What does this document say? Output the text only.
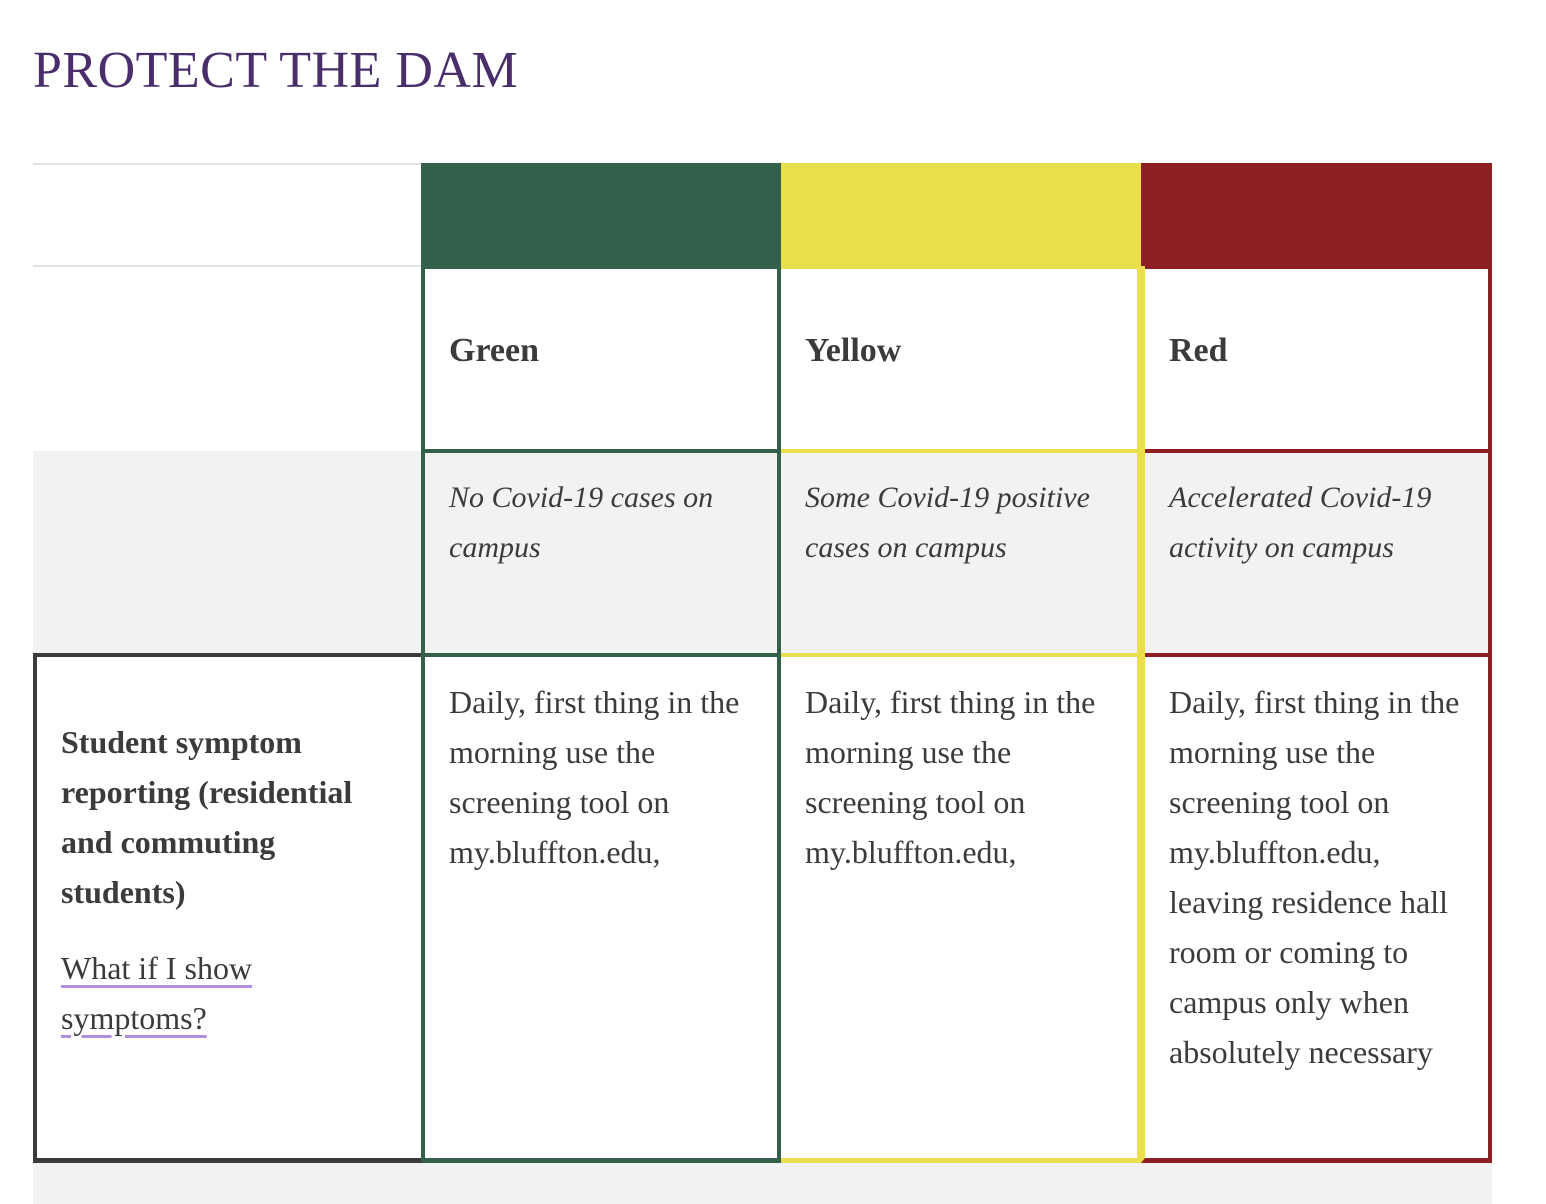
PROTECT THE DAM
Green	Yellow	Red
No Covid-19 cases on campus
Some Covid-19 positive cases on campus
Accelerated Covid-19 activity on campus
Student symptom reporting (residential and commuting students)
What if I show symptoms?
Daily, first thing in the morning use the screening tool on my.bluffton.edu,
Daily, first thing in the morning use the screening tool on my.bluffton.edu,
Daily, first thing in the morning use the screening tool on my.bluffton.edu, leaving residence hall room or coming to campus only when absolutely necessary
